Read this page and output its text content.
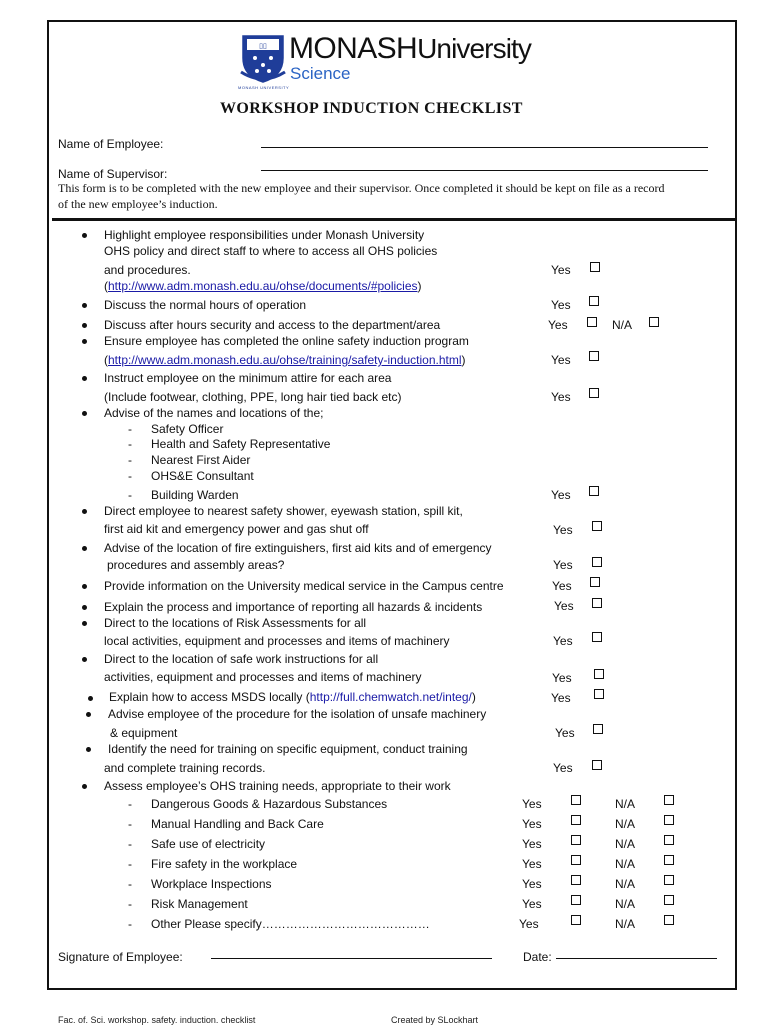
▯▯
MONASH UNIVERSITY
MONASHUniversity
Science
WORKSHOP INDUCTION CHECKLIST
Name of Employee:
Name of Supervisor:
This form is to be completed with the new employee and their supervisor. Once completed it should be kept on file as a record
of the new employee’s induction.
Highlight employee responsibilities under Monash University
OHS policy and direct staff to where to access all OHS policies
and procedures.
(http://www.adm.monash.edu.au/ohse/documents/#policies)
Yes
Discuss the normal hours of operation	Yes
Discuss after hours security and access to the department/area	Yes	N/A
Ensure employee has completed the online safety induction program
(http://www.adm.monash.edu.au/ohse/training/safety-induction.html)	Yes
Instruct employee on the minimum attire for each area
(Include footwear, clothing, PPE, long hair tied back etc)	Yes
Advise of the names and locations of the;
- Safety Officer
- Health and Safety Representative
- Nearest First Aider
- OHS&E Consultant
- Building Warden	Yes
Direct employee to nearest safety shower, eyewash station, spill kit,
first aid kit and emergency power and gas shut off	Yes
Advise of the location of fire extinguishers, first aid kits and of emergency
procedures and assembly areas?	Yes
Provide information on the University medical service in the Campus centre	Yes
Explain the process and importance of reporting all hazards & incidents	Yes
Direct to the locations of Risk Assessments for all
local activities, equipment and processes and items of machinery	Yes
Direct to the location of safe work instructions for all
activities, equipment and processes and items of machinery	Yes
Explain how to access MSDS locally (http://full.chemwatch.net/integ/)	Yes
Advise employee of the procedure for the isolation of unsafe machinery
& equipment	Yes
Identify the need for training on specific equipment, conduct training
and complete training records.	Yes
Assess employee’s OHS training needs, appropriate to their work
- Dangerous Goods & Hazardous Substances	Yes	N/A
- Manual Handling and Back Care	Yes	N/A
- Safe use of electricity	Yes	N/A
- Fire safety in the workplace	Yes	N/A
- Workplace Inspections	Yes	N/A
- Risk Management	Yes	N/A
- Other Please specify……………………………………	Yes	N/A
Signature of Employee:	Date:
Fac. of. Sci. workshop. safety. induction. checklist	Created by SLockhart
